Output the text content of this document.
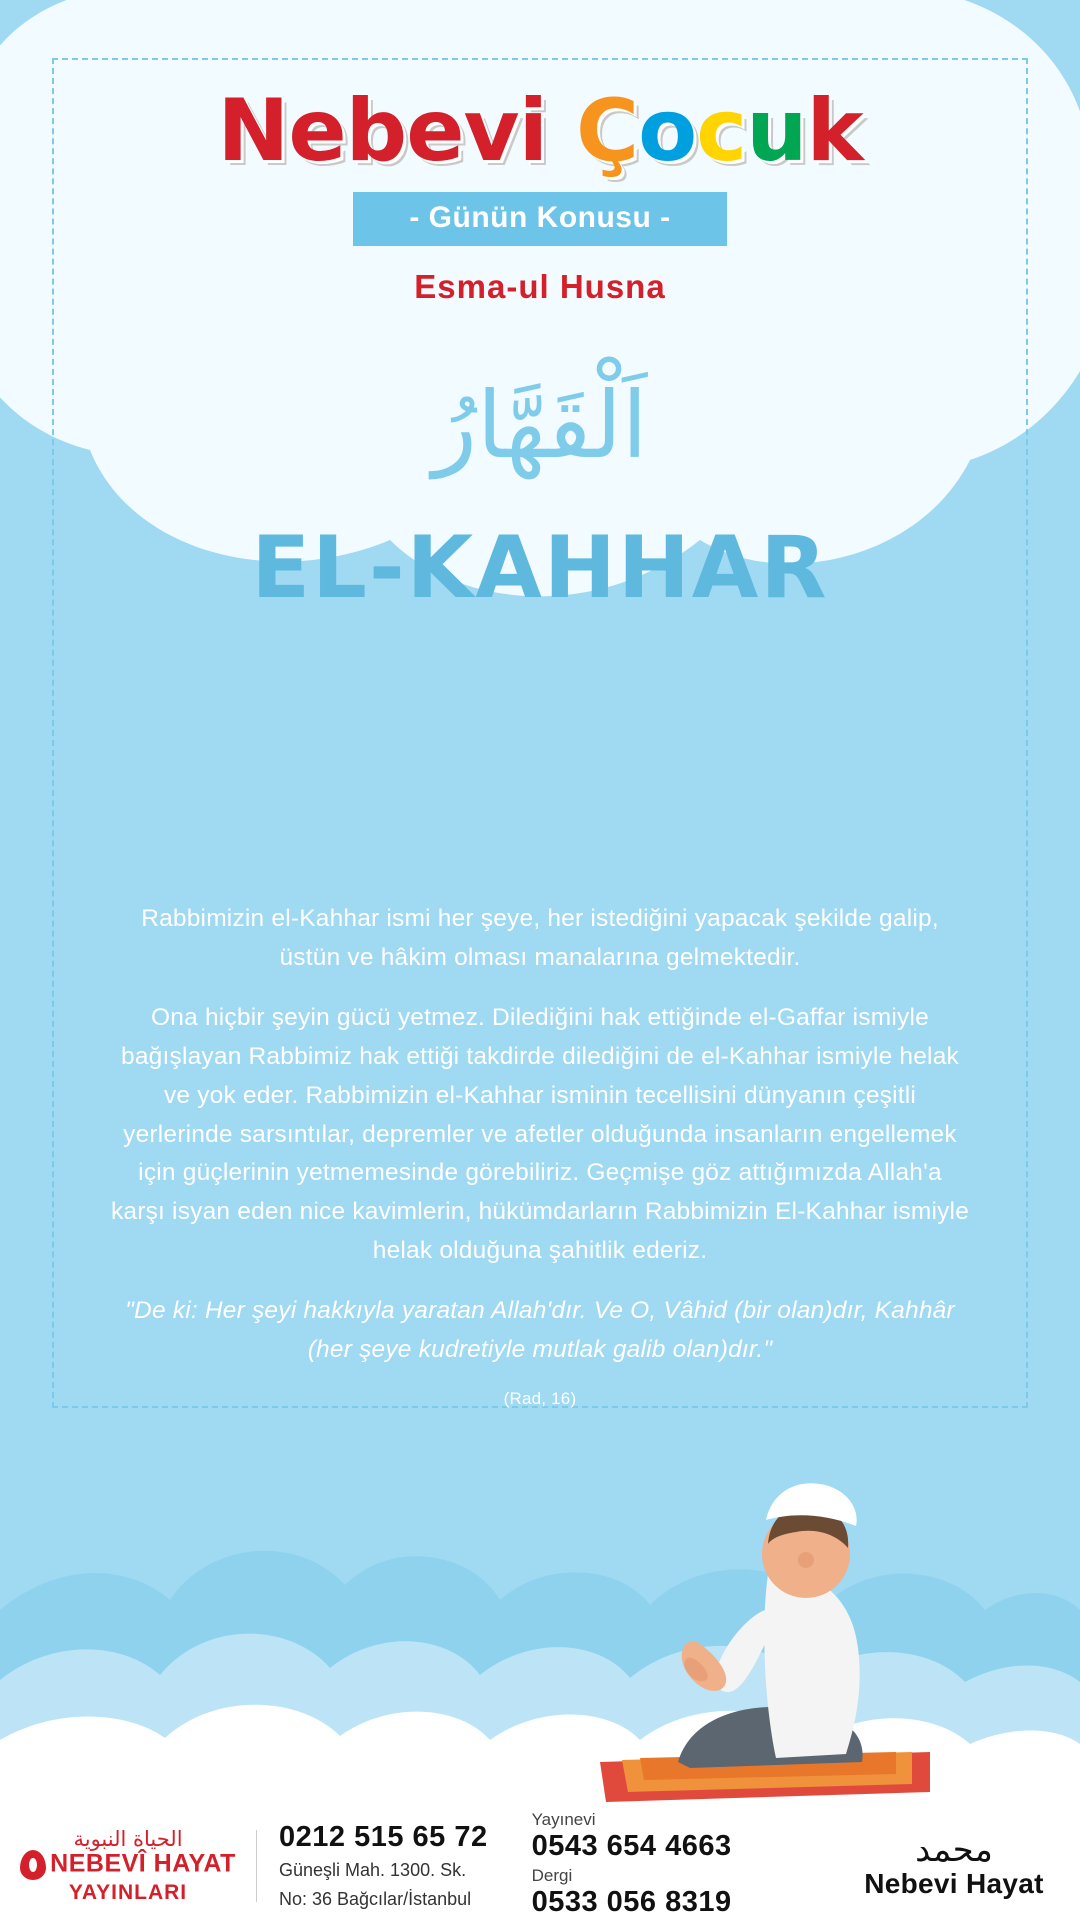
Nebevi Çocuk
- Günün Konusu -
Esma-ul Husna
اَلْقَهَّارُ
EL-KAHHAR

Rabbimizin el-Kahhar ismi her şeye, her istediğini yapacak şekilde galip, üstün ve hâkim olması manalarına gelmektedir.

Ona hiçbir şeyin gücü yetmez. Dilediğini hak ettiğinde el-Gaffar ismiyle bağışlayan Rabbimiz hak ettiği takdirde dilediğini de el-Kahhar ismiyle helak ve yok eder. Rabbimizin el-Kahhar isminin tecellisini dünyanın çeşitli yerlerinde sarsıntılar, depremler ve afetler olduğunda insanların engellemek için güçlerinin yetmemesinde görebiliriz. Geçmişe göz attığımızda Allah'a karşı isyan eden nice kavimlerin, hükümdarların Rabbimizin El-Kahhar ismiyle helak olduğuna şahitlik ederiz.

"De ki: Her şeyi hakkıyla yaratan Allah'dır. Ve O, Vâhid (bir olan)dır, Kahhâr (her şeye kudretiyle mutlak galib olan)dır."

(Rad, 16)

الحياة النبوية
NEBEVÎ HAYAT
YAYINLARI
0212 515 65 72
Güneşli Mah. 1300. Sk.
No: 36 Bağcılar/İstanbul
Yayınevi
0543 654 4663
Dergi
0533 056 8319
محمد
Nebevi Hayat
